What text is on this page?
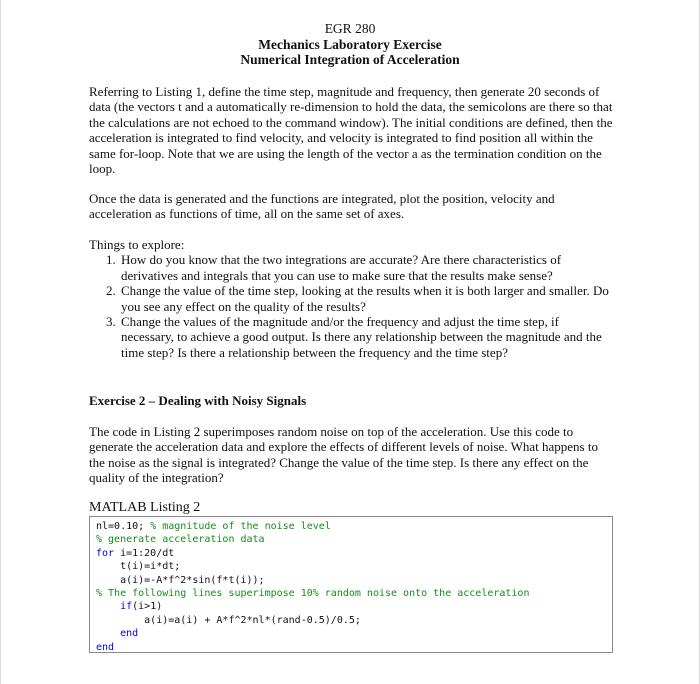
EGR 280
Mechanics Laboratory Exercise
Numerical Integration of Acceleration

Referring to Listing 1, define the time step, magnitude and frequency, then generate 20 seconds of data (the vectors t and a automatically re-dimension to hold the data, the semicolons are there so that the calculations are not echoed to the command window). The initial conditions are defined, then the acceleration is integrated to find velocity, and velocity is integrated to find position all within the same for-loop. Note that we are using the length of the vector a as the termination condition on the loop.

Once the data is generated and the functions are integrated, plot the position, velocity and acceleration as functions of time, all on the same set of axes.

Things to explore:
1. How do you know that the two integrations are accurate? Are there characteristics of derivatives and integrals that you can use to make sure that the results make sense?
2. Change the value of the time step, looking at the results when it is both larger and smaller. Do you see any effect on the quality of the results?
3. Change the values of the magnitude and/or the frequency and adjust the time step, if necessary, to achieve a good output. Is there any relationship between the magnitude and the time step? Is there a relationship between the frequency and the time step?
Exercise 2 – Dealing with Noisy Signals

The code in Listing 2 superimposes random noise on top of the acceleration. Use this code to generate the acceleration data and explore the effects of different levels of noise. What happens to the noise as the signal is integrated? Change the value of the time step. Is there any effect on the quality of the integration?

MATLAB Listing 2
nl=0.10; % magnitude of the noise level
% generate acceleration data
for i=1:20/dt
t(i)=i*dt;
a(i)=-A*f^2*sin(f*t(i));
% The following lines superimpose 10% random noise onto the acceleration
if(i>1)
a(i)=a(i) + A*f^2*nl*(rand-0.5)/0.5;
end
end
